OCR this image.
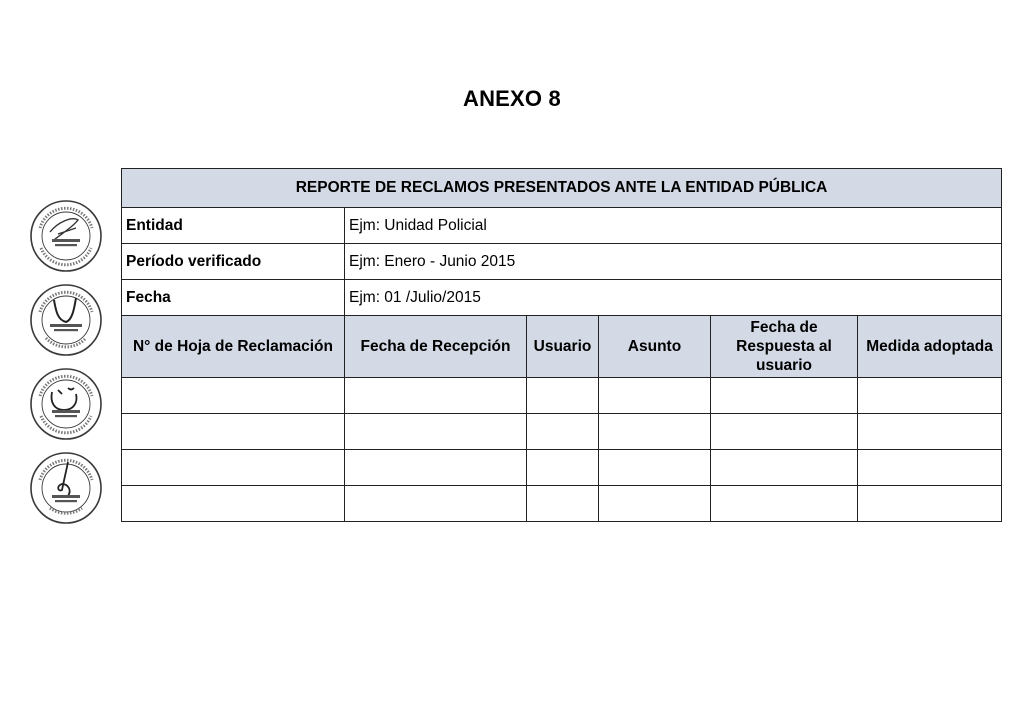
ANEXO 8
REPORTE DE RECLAMOS PRESENTADOS ANTE LA ENTIDAD PÚBLICA					
Entidad	Ejm: Unidad Policial				
Período verificado	Ejm: Enero - Junio 2015				
Fecha	Ejm: 01 /Julio/2015				
N° de Hoja de Reclamación	Fecha de Recepción	Usuario	Asunto	Fecha de Respuesta al usuario	Medida adoptada
